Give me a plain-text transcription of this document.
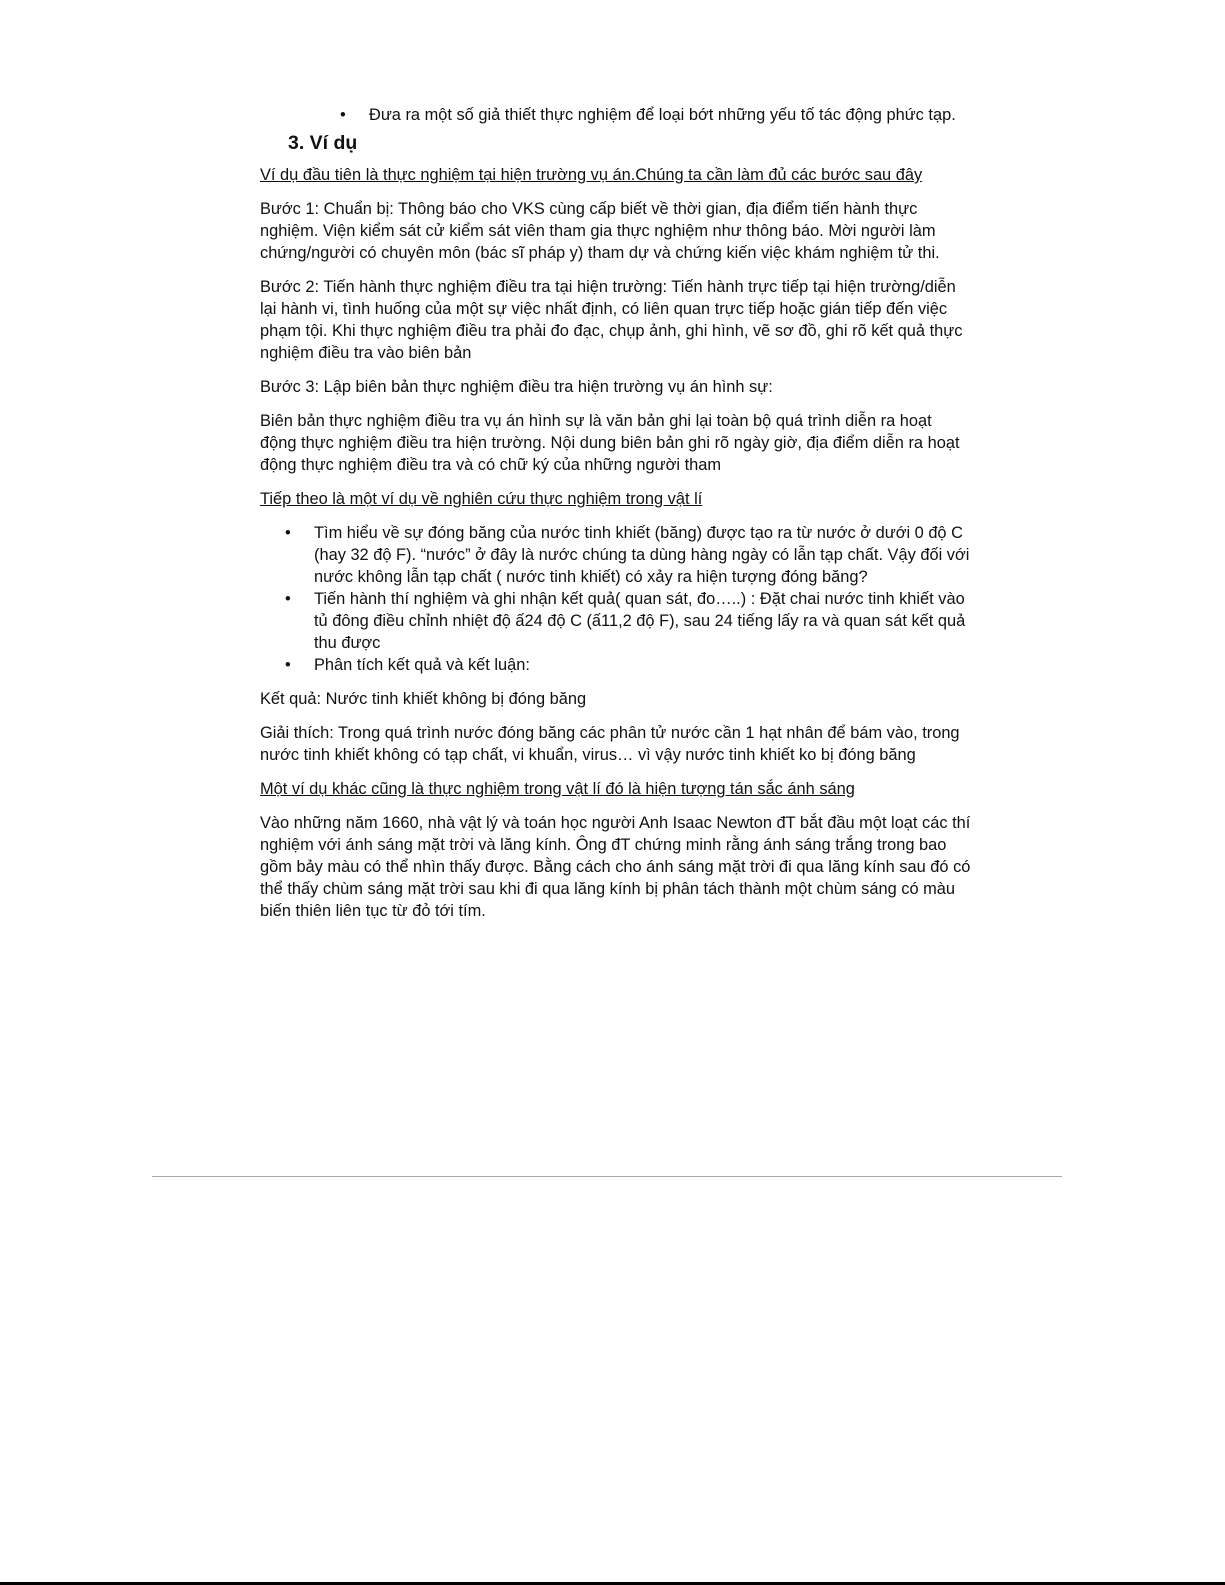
• Đưa ra một số giả thiết thực nghiệm để loại bớt những yếu tố tác động phức tạp.

3. Ví dụ

Ví dụ đầu tiên là thực nghiệm tại hiện trường vụ án.Chúng ta cần làm đủ các bước sau đây

Bước 1: Chuẩn bị: Thông báo cho VKS cùng cấp biết về thời gian, địa điểm tiến hành thực nghiệm. Viện kiểm sát cử kiểm sát viên tham gia thực nghiệm như thông báo. Mời người làm chứng/người có chuyên môn (bác sĩ pháp y) tham dự và chứng kiến việc khám nghiệm tử thi.

Bước 2: Tiến hành thực nghiệm điều tra tại hiện trường: Tiến hành trực tiếp tại hiện trường/diễn lại hành vi, tình huống của một sự việc nhất định, có liên quan trực tiếp hoặc gián tiếp đến việc phạm tội. Khi thực nghiệm điều tra phải đo đạc, chụp ảnh, ghi hình, vẽ sơ đồ, ghi rõ kết quả thực nghiệm điều tra vào biên bản

Bước 3: Lập biên bản thực nghiệm điều tra hiện trường vụ án hình sự:

Biên bản thực nghiệm điều tra vụ án hình sự là văn bản ghi lại toàn bộ quá trình diễn ra hoạt động thực nghiệm điều tra hiện trường. Nội dung biên bản ghi rõ ngày giờ, địa điểm diễn ra hoạt động thực nghiệm điều tra và có chữ ký của những người tham

Tiếp theo là một ví dụ về nghiên cứu thực nghiệm trong vật lí

• Tìm hiểu về sự đóng băng của nước tinh khiết (băng) được tạo ra từ nước ở dưới 0 độ C (hay 32 độ F). “nước” ở đây là nước chúng ta dùng hàng ngày có lẫn tạp chất. Vậy đối với nước không lẫn tạp chất ( nước tinh khiết) có xảy ra hiện tượng đóng băng?

• Tiến hành thí nghiệm và ghi nhận kết quả( quan sát, đo…..) : Đặt chai nước tinh khiết vào tủ đông điều chỉnh nhiệt độ ấ24 độ C (ấ11,2 độ F), sau 24 tiếng lấy ra và quan sát kết quả thu được

• Phân tích kết quả và kết luận:

Kết quả: Nước tinh khiết không bị đóng băng

Giải thích: Trong quá trình nước đóng băng các phân tử nước cần 1 hạt nhân để bám vào, trong nước tinh khiết không có tạp chất, vi khuẩn, virus… vì vậy nước tinh khiết ko bị đóng băng

Một ví dụ khác cũng là thực nghiệm trong vật lí đó là hiện tượng tán sắc ánh sáng

Vào những năm 1660, nhà vật lý và toán học người Anh Isaac Newton đT bắt đầu một loạt các thí nghiệm với ánh sáng mặt trời và lăng kính. Ông đT chứng minh rằng ánh sáng trắng trong bao gồm bảy màu có thể nhìn thấy được. Bằng cách cho ánh sáng mặt trời đi qua lăng kính sau đó có thể thấy chùm sáng mặt trời sau khi đi qua lăng kính bị phân tách thành một chùm sáng có màu biến thiên liên tục từ đỏ tới tím.
